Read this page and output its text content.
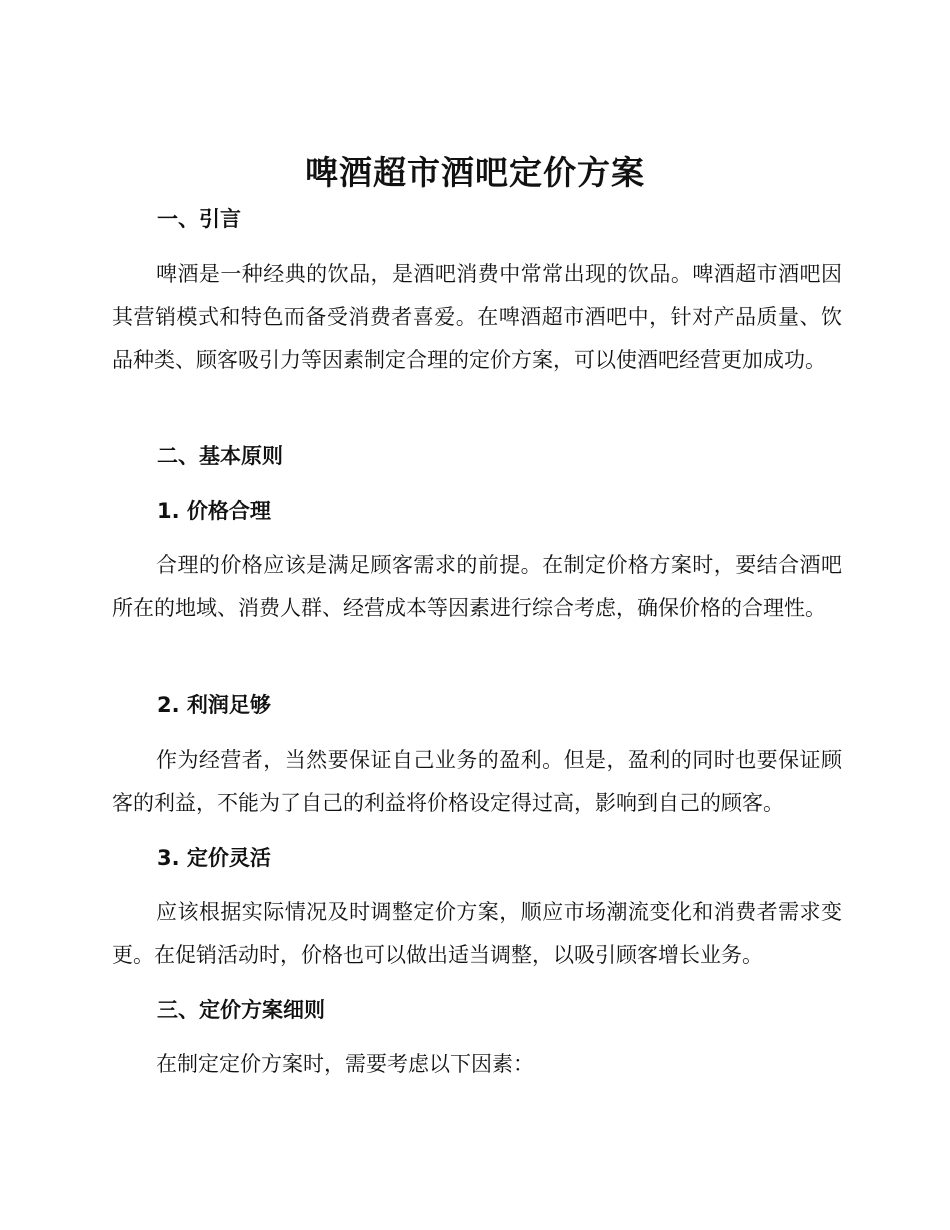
啤酒超市酒吧定价方案
一、引言
啤酒是一种经典的饮品，是酒吧消费中常常出现的饮品。啤酒超市酒吧因其营销模式和特色而备受消费者喜爱。在啤酒超市酒吧中，针对产品质量、饮品种类、顾客吸引力等因素制定合理的定价方案，可以使酒吧经营更加成功。
二、基本原则
1. 价格合理
合理的价格应该是满足顾客需求的前提。在制定价格方案时，要结合酒吧所在的地域、消费人群、经营成本等因素进行综合考虑，确保价格的合理性。
2. 利润足够
作为经营者，当然要保证自己业务的盈利。但是，盈利的同时也要保证顾客的利益，不能为了自己的利益将价格设定得过高，影响到自己的顾客。
3. 定价灵活
应该根据实际情况及时调整定价方案，顺应市场潮流变化和消费者需求变更。在促销活动时，价格也可以做出适当调整，以吸引顾客增长业务。
三、定价方案细则
在制定定价方案时，需要考虑以下因素：
